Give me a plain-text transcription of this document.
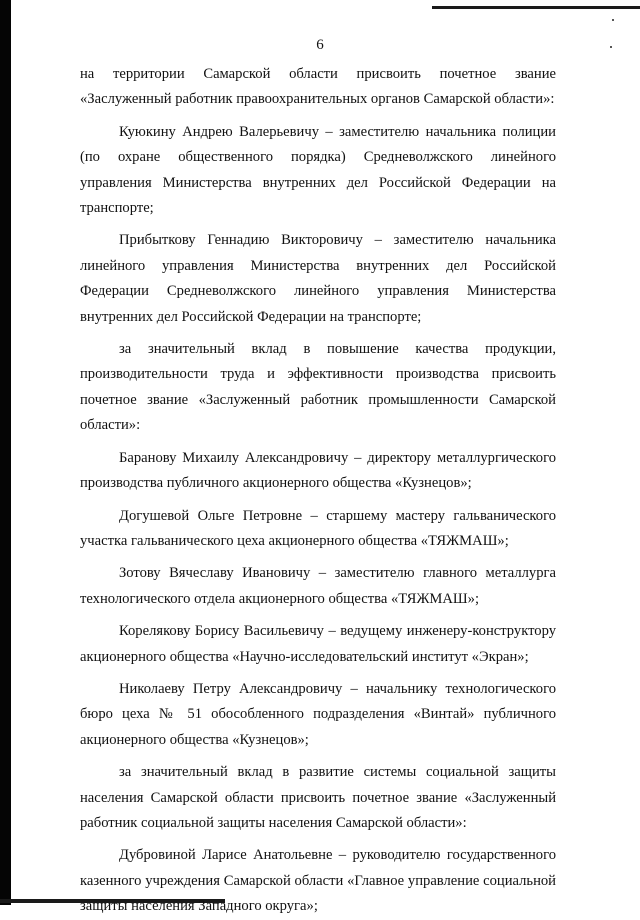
6

на территории Самарской области присвоить почетное звание «Заслуженный работник правоохранительных органов Самарской области»:

Куюкину Андрею Валерьевичу – заместителю начальника полиции (по охране общественного порядка) Средневолжского линейного управления Министерства внутренних дел Российской Федерации на транспорте;

Прибыткову Геннадию Викторовичу – заместителю начальника линейного управления Министерства внутренних дел Российской Федерации Средневолжского линейного управления Министерства внутренних дел Российской Федерации на транспорте;

за значительный вклад в повышение качества продукции, производительности труда и эффективности производства присвоить почетное звание «Заслуженный работник промышленности Самарской области»:

Баранову Михаилу Александровичу – директору металлургического производства публичного акционерного общества «Кузнецов»;

Догушевой Ольге Петровне – старшему мастеру гальванического участка гальванического цеха акционерного общества «ТЯЖМАШ»;

Зотову Вячеславу Ивановичу – заместителю главного металлурга технологического отдела акционерного общества «ТЯЖМАШ»;

Корелякову Борису Васильевичу – ведущему инженеру-конструктору акционерного общества «Научно-исследовательский институт «Экран»;

Николаеву Петру Александровичу – начальнику технологического бюро цеха № 51 обособленного подразделения «Винтай» публичного акционерного общества «Кузнецов»;

за значительный вклад в развитие системы социальной защиты населения Самарской области присвоить почетное звание «Заслуженный работник социальной защиты населения Самарской области»:

Дубровиной Ларисе Анатольевне – руководителю государственного казенного учреждения Самарской области «Главное управление социальной защиты населения Западного округа»;
